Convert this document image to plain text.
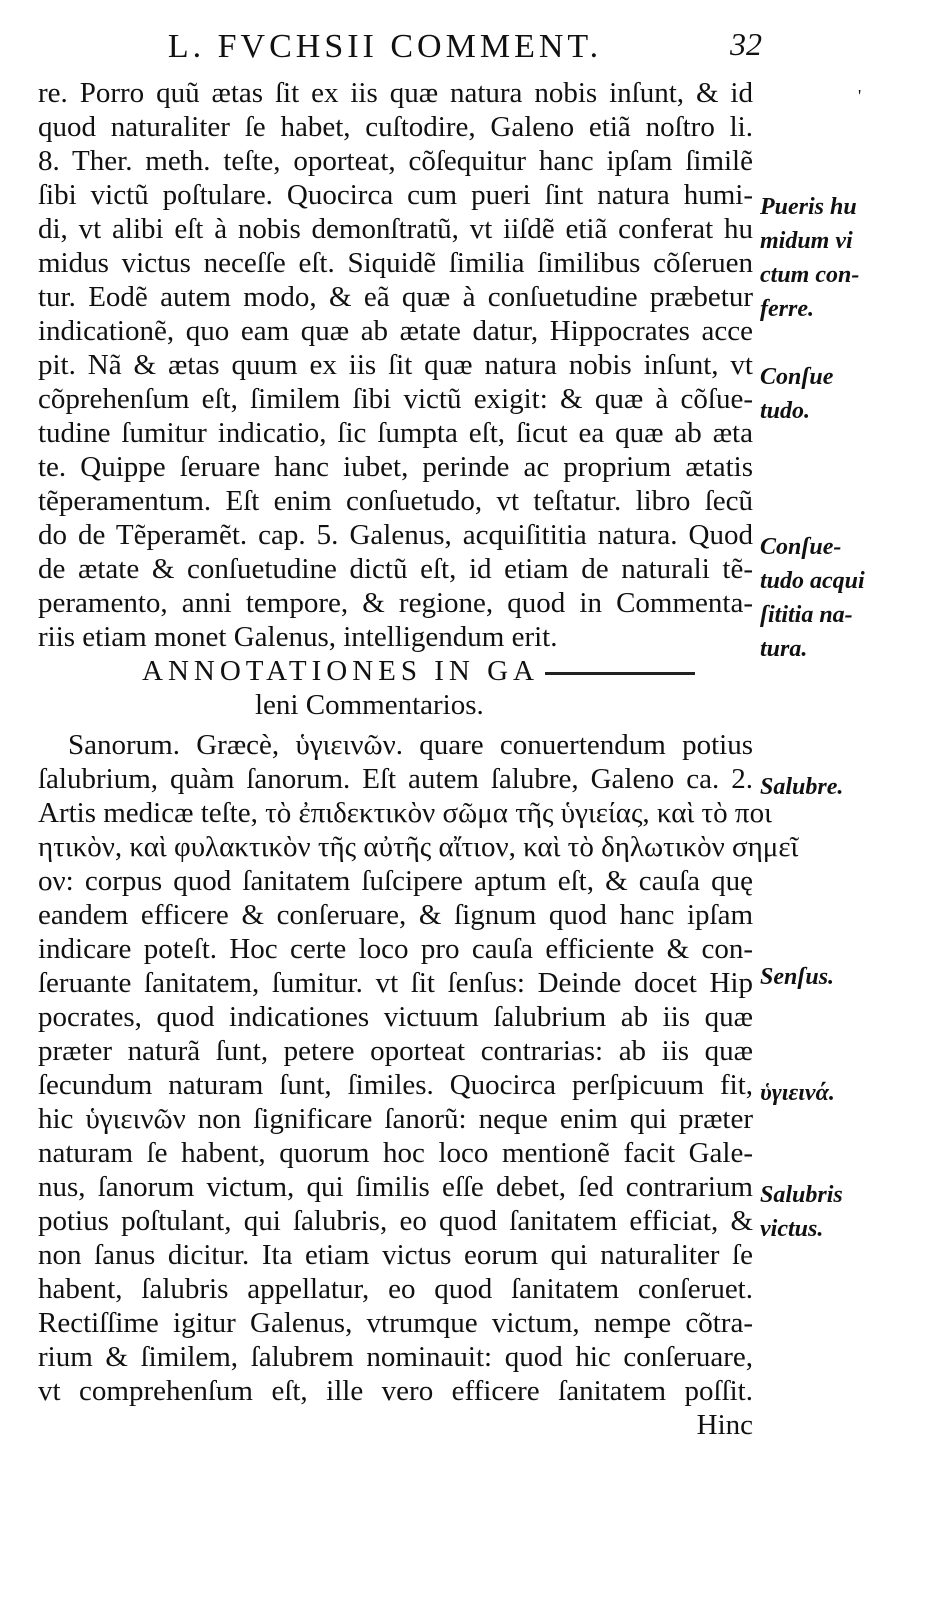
L. FVCHSII COMMENT.	32
'
re. Porro quũ ætas ſit ex iis quæ natura nobis inſunt, & id
quod naturaliter ſe habet, cuſtodire, Galeno etiã noſtro li.
8. Ther. meth. teſte, oporteat, cõſequitur hanc ipſam ſimilẽ
ſibi victũ poſtulare. Quocirca cum pueri ſint natura humi-
di, vt alibi eſt à nobis demonſtratũ, vt iiſdẽ etiã conferat hu
midus victus neceſſe eſt. Siquidẽ ſimilia ſimilibus cõſeruen
tur. Eodẽ autem modo, & eã quæ à conſuetudine præbetur
indicationẽ, quo eam quæ ab ætate datur, Hippocrates acce
pit. Nã & ætas quum ex iis ſit quæ natura nobis inſunt, vt
cõprehenſum eſt, ſimilem ſibi victũ exigit: & quæ à cõſue-
tudine ſumitur indicatio, ſic ſumpta eſt, ſicut ea quæ ab æta
te. Quippe ſeruare hanc iubet, perinde ac proprium ætatis
tẽperamentum. Eſt enim conſuetudo, vt teſtatur. libro ſecũ
do de Tẽperamẽt. cap. 5. Galenus, acquiſititia natura. Quod
de ætate & conſuetudine dictũ eſt, id etiam de naturali tẽ-
peramento, anni tempore, & regione, quod in Commenta-
riis etiam monet Galenus, intelligendum erit.
ANNOTATIONES IN GA
leni Commentarios.
Sanorum. Græcè, ὑγιεινῶν. quare conuertendum potius
ſalubrium, quàm ſanorum. Eſt autem ſalubre, Galeno ca. 2.
Artis medicæ teſte, τὸ ἐπιδεκτικὸν σῶμα τῆς ὑγιείας, καὶ τὸ ποι
ητικὸν, καὶ φυλακτικὸν τῆς αὐτῆς αἴτιον, καὶ τὸ δηλωτικὸν σημεῖ
ον: corpus quod ſanitatem ſuſcipere aptum eſt, & cauſa quę
eandem efficere & conſeruare, & ſignum quod hanc ipſam
indicare poteſt. Hoc certe loco pro cauſa efficiente & con-
ſeruante ſanitatem, ſumitur. vt ſit ſenſus: Deinde docet Hip
pocrates, quod indicationes victuum ſalubrium ab iis quæ
præter naturã ſunt, petere oporteat contrarias: ab iis quæ
ſecundum naturam ſunt, ſimiles. Quocirca perſpicuum fit,
hic ὑγιεινῶν non ſignificare ſanorũ: neque enim qui præter
naturam ſe habent, quorum hoc loco mentionẽ facit Gale-
nus, ſanorum victum, qui ſimilis eſſe debet, ſed contrarium
potius poſtulant, qui ſalubris, eo quod ſanitatem efficiat, &
non ſanus dicitur. Ita etiam victus eorum qui naturaliter ſe
habent, ſalubris appellatur, eo quod ſanitatem conſeruet.
Rectiſſime igitur Galenus, vtrumque victum, nempe cõtra-
rium & ſimilem, ſalubrem nominauit: quod hic conſeruare,
vt comprehenſum eſt, ille vero efficere ſanitatem poſſit.
Hinc
Pueris hu
midum vi
ctum con-
ferre.
Conſue
tudo.
Conſue-
tudo acqui
ſititia na-
tura.
Salubre.
Senſus.
ὑγιεινά.
Salubris
victus.
